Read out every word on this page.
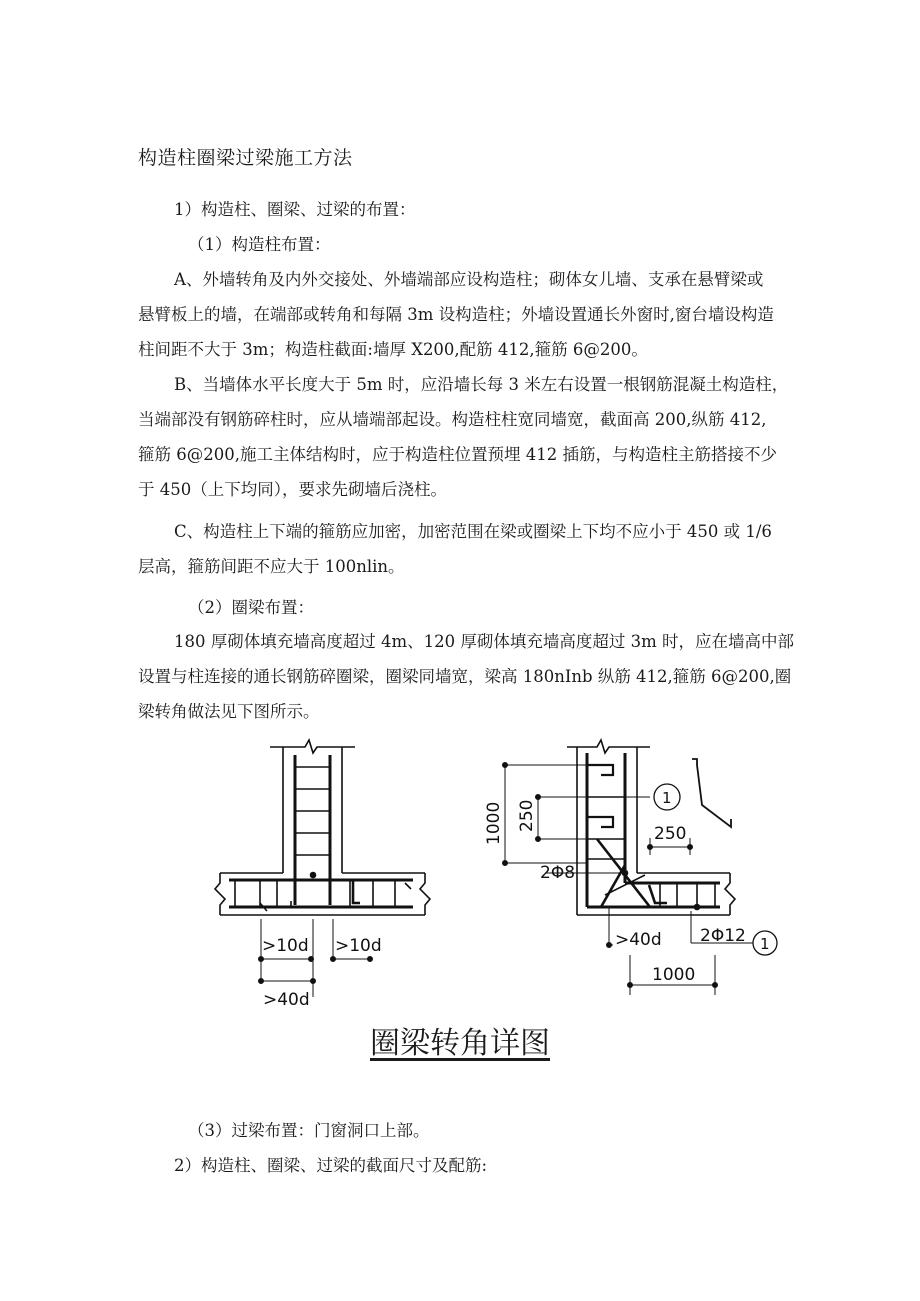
构造柱圈梁过梁施工方法

1）构造柱、圈梁、过梁的布置：

（1）构造柱布置：

A、外墙转角及内外交接处、外墙端部应设构造柱；砌体女儿墙、支承在悬臂梁或
悬臂板上的墙，在端部或转角和每隔 3m 设构造柱；外墙设置通长外窗时,窗台墙设构造
柱间距不大于 3m；构造柱截面:墙厚 X200,配筋 412,箍筋 6@200。
B、当墙体水平长度大于 5m 时，应沿墙长每 3 米左右设置一根钢筋混凝土构造柱，
当端部没有钢筋碎柱时，应从墙端部起设。构造柱柱宽同墙宽，截面高 200,纵筋 412,
箍筋 6@200,施工主体结构时，应于构造柱位置预埋 412 插筋，与构造柱主筋搭接不少
于 450（上下均同），要求先砌墙后浇柱。
C、构造柱上下端的箍筋应加密，加密范围在梁或圈梁上下均不应小于 450 或 1/6
层高，箍筋间距不应大于 100nlin。

（2）圈梁布置：

180 厚砌体填充墙高度超过 4m、120 厚砌体填充墙高度超过 3m 时，应在墙高中部
设置与柱连接的通长钢筋碎圈梁，圈梁同墙宽，梁高 180nInb 纵筋 412,箍筋 6@200,圈
梁转角做法见下图所示。
>10d >10d
>40d
1000 250
250
2Φ8
>40d 2Φ12
1000
1
1

圈梁转角详图

（3）过梁布置：门窗洞口上部。

2）构造柱、圈梁、过梁的截面尺寸及配筋:
